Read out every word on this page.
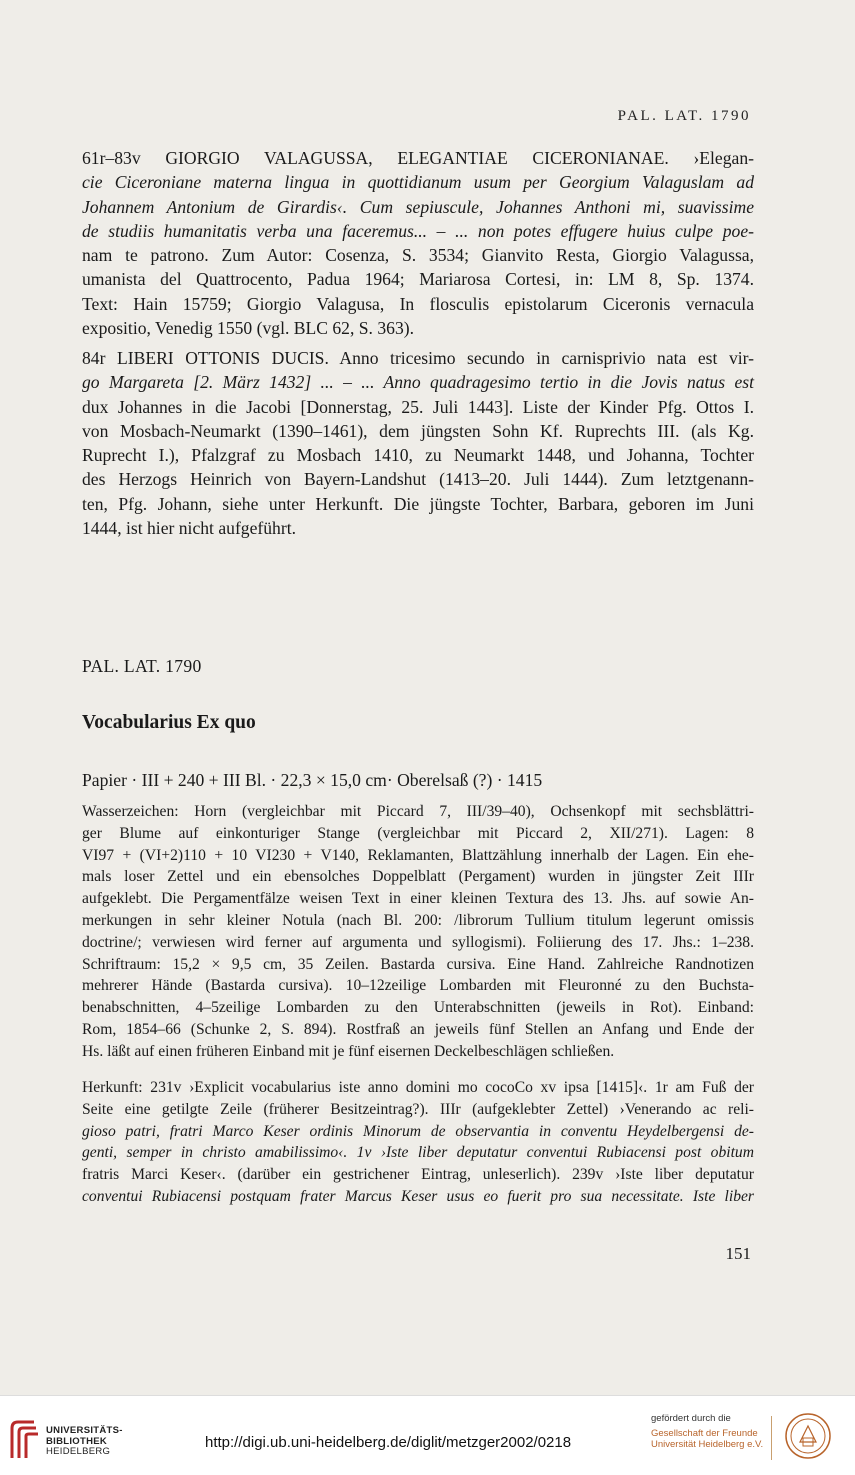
PAL. LAT. 1790
61r–83v GIORGIO VALAGUSSA, ELEGANTIAE CICERONIANAE. ›Elegan-
cie Ciceroniane materna lingua in quottidianum usum per Georgium Valaguslam ad
Johannem Antonium de Girardis‹. Cum sepiuscule, Johannes Anthoni mi, suavissime
de studiis humanitatis verba una faceremus... – ... non potes effugere huius culpe poe-
nam te patrono. Zum Autor: Cosenza, S. 3534; Gianvito Resta, Giorgio Valagussa,
umanista del Quattrocento, Padua 1964; Mariarosa Cortesi, in: LM 8, Sp. 1374.
Text: Hain 15759; Giorgio Valagusa, In flosculis epistolarum Ciceronis vernacula
expositio, Venedig 1550 (vgl. BLC 62, S. 363).
84r LIBERI OTTONIS DUCIS. Anno tricesimo secundo in carnisprivio nata est vir-
go Margareta [2. März 1432] ... – ... Anno quadragesimo tertio in die Jovis natus est
dux Johannes in die Jacobi [Donnerstag, 25. Juli 1443]. Liste der Kinder Pfg. Ottos I.
von Mosbach-Neumarkt (1390–1461), dem jüngsten Sohn Kf. Ruprechts III. (als Kg.
Ruprecht I.), Pfalzgraf zu Mosbach 1410, zu Neumarkt 1448, und Johanna, Tochter
des Herzogs Heinrich von Bayern-Landshut (1413–20. Juli 1444). Zum letztgenann-
ten, Pfg. Johann, siehe unter Herkunft. Die jüngste Tochter, Barbara, geboren im Juni
1444, ist hier nicht aufgeführt.
PAL. LAT. 1790
Vocabularius Ex quo
Papier · III + 240 + III Bl. · 22,3 × 15,0 cm· Oberelsaß (?) · 1415
Wasserzeichen: Horn (vergleichbar mit Piccard 7, III/39–40), Ochsenkopf mit sechsblättri-
ger Blume auf einkonturiger Stange (vergleichbar mit Piccard 2, XII/271). Lagen: 8
VI97 + (VI+2)110 + 10 VI230 + V140, Reklamanten, Blattzählung innerhalb der Lagen. Ein ehe-
mals loser Zettel und ein ebensolches Doppelblatt (Pergament) wurden in jüngster Zeit IIIr
aufgeklebt. Die Pergamentfälze weisen Text in einer kleinen Textura des 13. Jhs. auf sowie An-
merkungen in sehr kleiner Notula (nach Bl. 200: /librorum Tullium titulum legerunt omissis
doctrine/; verwiesen wird ferner auf argumenta und syllogismi). Foliierung des 17. Jhs.: 1–238.
Schriftraum: 15,2 × 9,5 cm, 35 Zeilen. Bastarda cursiva. Eine Hand. Zahlreiche Randnotizen
mehrerer Hände (Bastarda cursiva). 10–12zeilige Lombarden mit Fleuronné zu den Buchsta-
benabschnitten, 4–5zeilige Lombarden zu den Unterabschnitten (jeweils in Rot). Einband:
Rom, 1854–66 (Schunke 2, S. 894). Rostfraß an jeweils fünf Stellen an Anfang und Ende der
Hs. läßt auf einen früheren Einband mit je fünf eisernen Deckelbeschlägen schließen.
Herkunft: 231v ›Explicit vocabularius iste anno domini mo cocoCo xv ipsa [1415]‹. 1r am Fuß der
Seite eine getilgte Zeile (früherer Besitzeintrag?). IIIr (aufgeklebter Zettel) ›Venerando ac reli-
gioso patri, fratri Marco Keser ordinis Minorum de observantia in conventu Heydelbergensi de-
genti, semper in christo amabilissimo‹. 1v ›Iste liber deputatur conventui Rubiacensi post obitum
fratris Marci Keser‹. (darüber ein gestrichener Eintrag, unleserlich). 239v ›Iste liber deputatur
conventui Rubiacensi postquam frater Marcus Keser usus eo fuerit pro sua necessitate. Iste liber
151
UNIVERSITÄTS-
BIBLIOTHEK
HEIDELBERG
http://digi.ub.uni-heidelberg.de/diglit/metzger2002/0218
gefördert durch die
Gesellschaft der Freunde
Universität Heidelberg e.V.
